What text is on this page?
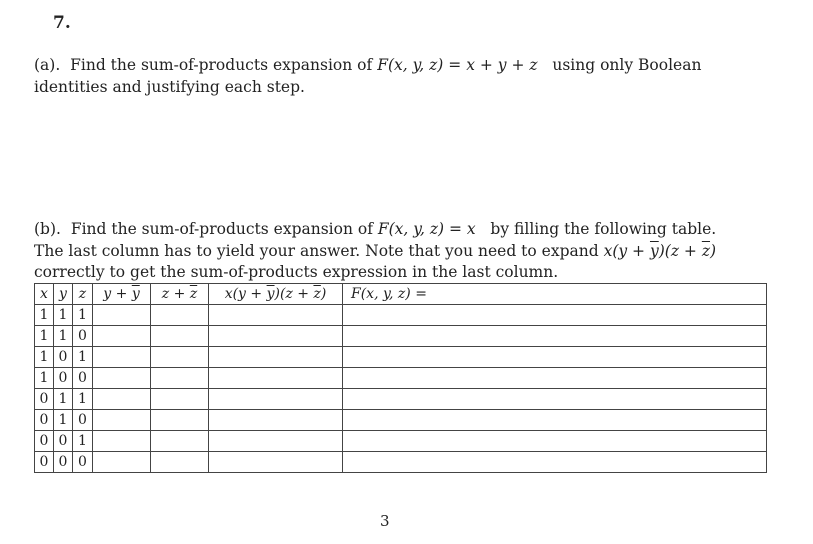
7.
(a). Find the sum-of-products expansion of F(x, y, z) = x + y + z using only Boolean
identities and justifying each step.
(b). Find the sum-of-products expansion of F(x, y, z) = x by filling the following table.
The last column has to yield your answer. Note that you need to expand $x(y + \overline{y})(z + \overline{z})$
correctly to get the sum-of-products expression in the last column.
x	y	z	$y + \overline{y}$	$z + \overline{z}$	$x(y + \overline{y})(z + \overline{z})$	F(x, y, z) =
1	1	1				
1	1	0				
1	0	1				
1	0	0				
0	1	1				
0	1	0				
0	0	1				
0	0	0				
3
